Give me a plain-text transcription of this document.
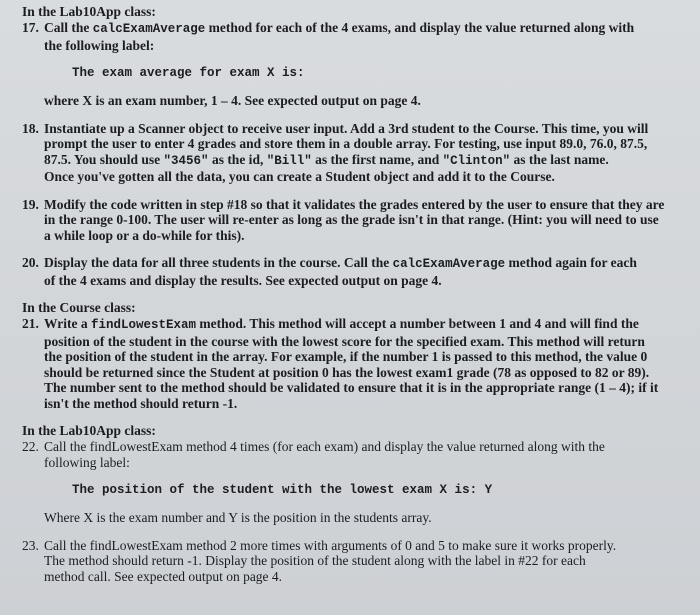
In the Lab10App class:

17. Call the calcExamAverage method for each of the 4 exams, and display the value returned along with

the following label:

The exam average for exam X is:

where X is an exam number, 1 – 4. See expected output on page 4.

18. Instantiate up a Scanner object to receive user input. Add a 3rd student to the Course. This time, you will

prompt the user to enter 4 grades and store them in a double array. For testing, use input 89.0, 76.0, 87.5,

87.5. You should use "3456" as the id, "Bill" as the first name, and "Clinton" as the last name.

Once you've gotten all the data, you can create a Student object and add it to the Course.

19. Modify the code written in step #18 so that it validates the grades entered by the user to ensure that they are

in the range 0-100. The user will re-enter as long as the grade isn't in that range. (Hint: you will need to use

a while loop or a do-while for this).

20. Display the data for all three students in the course. Call the calcExamAverage method again for each

of the 4 exams and display the results. See expected output on page 4.

In the Course class:

21. Write a findLowestExam method. This method will accept a number between 1 and 4 and will find the

position of the student in the course with the lowest score for the specified exam. This method will return

the position of the student in the array. For example, if the number 1 is passed to this method, the value 0

should be returned since the Student at position 0 has the lowest exam1 grade (78 as opposed to 82 or 89).

The number sent to the method should be validated to ensure that it is in the appropriate range (1 – 4); if it

isn't the method should return -1.

In the Lab10App class:

22. Call the findLowestExam method 4 times (for each exam) and display the value returned along with the

following label:

The position of the student with the lowest exam X is: Y

Where X is the exam number and Y is the position in the students array.

23. Call the findLowestExam method 2 more times with arguments of 0 and 5 to make sure it works properly.

The method should return -1. Display the position of the student along with the label in #22 for each

method call. See expected output on page 4.
